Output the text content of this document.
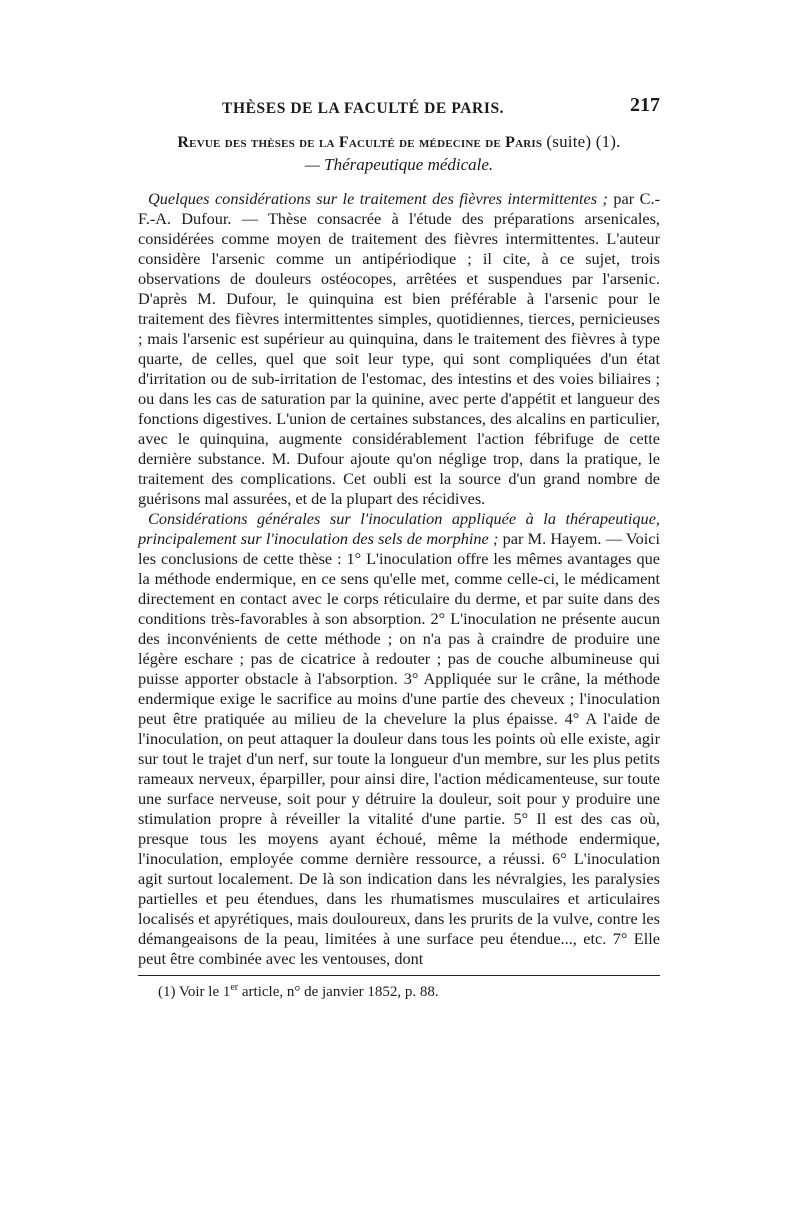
THÈSES DE LA FACULTÉ DE PARIS.	217
Revue des thèses de la Faculté de médecine de Paris (suite) (1).
— Thérapeutique médicale.

Quelques considérations sur le traitement des fièvres intermittentes ; par C.-F.-A. Dufour. — Thèse consacrée à l'étude des préparations arsenicales, considérées comme moyen de traitement des fièvres intermittentes. L'auteur considère l'arsenic comme un antipériodique ; il cite, à ce sujet, trois observations de douleurs ostéocopes, arrêtées et suspendues par l'arsenic. D'après M. Dufour, le quinquina est bien préférable à l'arsenic pour le traitement des fièvres intermittentes simples, quotidiennes, tierces, pernicieuses ; mais l'arsenic est supérieur au quinquina, dans le traitement des fièvres à type quarte, de celles, quel que soit leur type, qui sont compliquées d'un état d'irritation ou de sub-irritation de l'estomac, des intestins et des voies biliaires ; ou dans les cas de saturation par la quinine, avec perte d'appétit et langueur des fonctions digestives. L'union de certaines substances, des alcalins en particulier, avec le quinquina, augmente considérablement l'action fébrifuge de cette dernière substance. M. Dufour ajoute qu'on néglige trop, dans la pratique, le traitement des complications. Cet oubli est la source d'un grand nombre de guérisons mal assurées, et de la plupart des récidives.

Considérations générales sur l'inoculation appliquée à la thérapeutique, principalement sur l'inoculation des sels de morphine ; par M. Hayem. — Voici les conclusions de cette thèse : 1° L'inoculation offre les mêmes avantages que la méthode endermique, en ce sens qu'elle met, comme celle-ci, le médicament directement en contact avec le corps réticulaire du derme, et par suite dans des conditions très-favorables à son absorption. 2° L'inoculation ne présente aucun des inconvénients de cette méthode ; on n'a pas à craindre de produire une légère eschare ; pas de cicatrice à redouter ; pas de couche albumineuse qui puisse apporter obstacle à l'absorption. 3° Appliquée sur le crâne, la méthode endermique exige le sacrifice au moins d'une partie des cheveux ; l'inoculation peut être pratiquée au milieu de la chevelure la plus épaisse. 4° A l'aide de l'inoculation, on peut attaquer la douleur dans tous les points où elle existe, agir sur tout le trajet d'un nerf, sur toute la longueur d'un membre, sur les plus petits rameaux nerveux, éparpiller, pour ainsi dire, l'action médicamenteuse, sur toute une surface nerveuse, soit pour y détruire la douleur, soit pour y produire une stimulation propre à réveiller la vitalité d'une partie. 5° Il est des cas où, presque tous les moyens ayant échoué, même la méthode endermique, l'inoculation, employée comme dernière ressource, a réussi. 6° L'inoculation agit surtout localement. De là son indication dans les névralgies, les paralysies partielles et peu étendues, dans les rhumatismes musculaires et articulaires localisés et apyrétiques, mais douloureux, dans les prurits de la vulve, contre les démangeaisons de la peau, limitées à une surface peu étendue..., etc. 7° Elle peut être combinée avec les ventouses, dont

(1) Voir le 1er article, n° de janvier 1852, p. 88.
